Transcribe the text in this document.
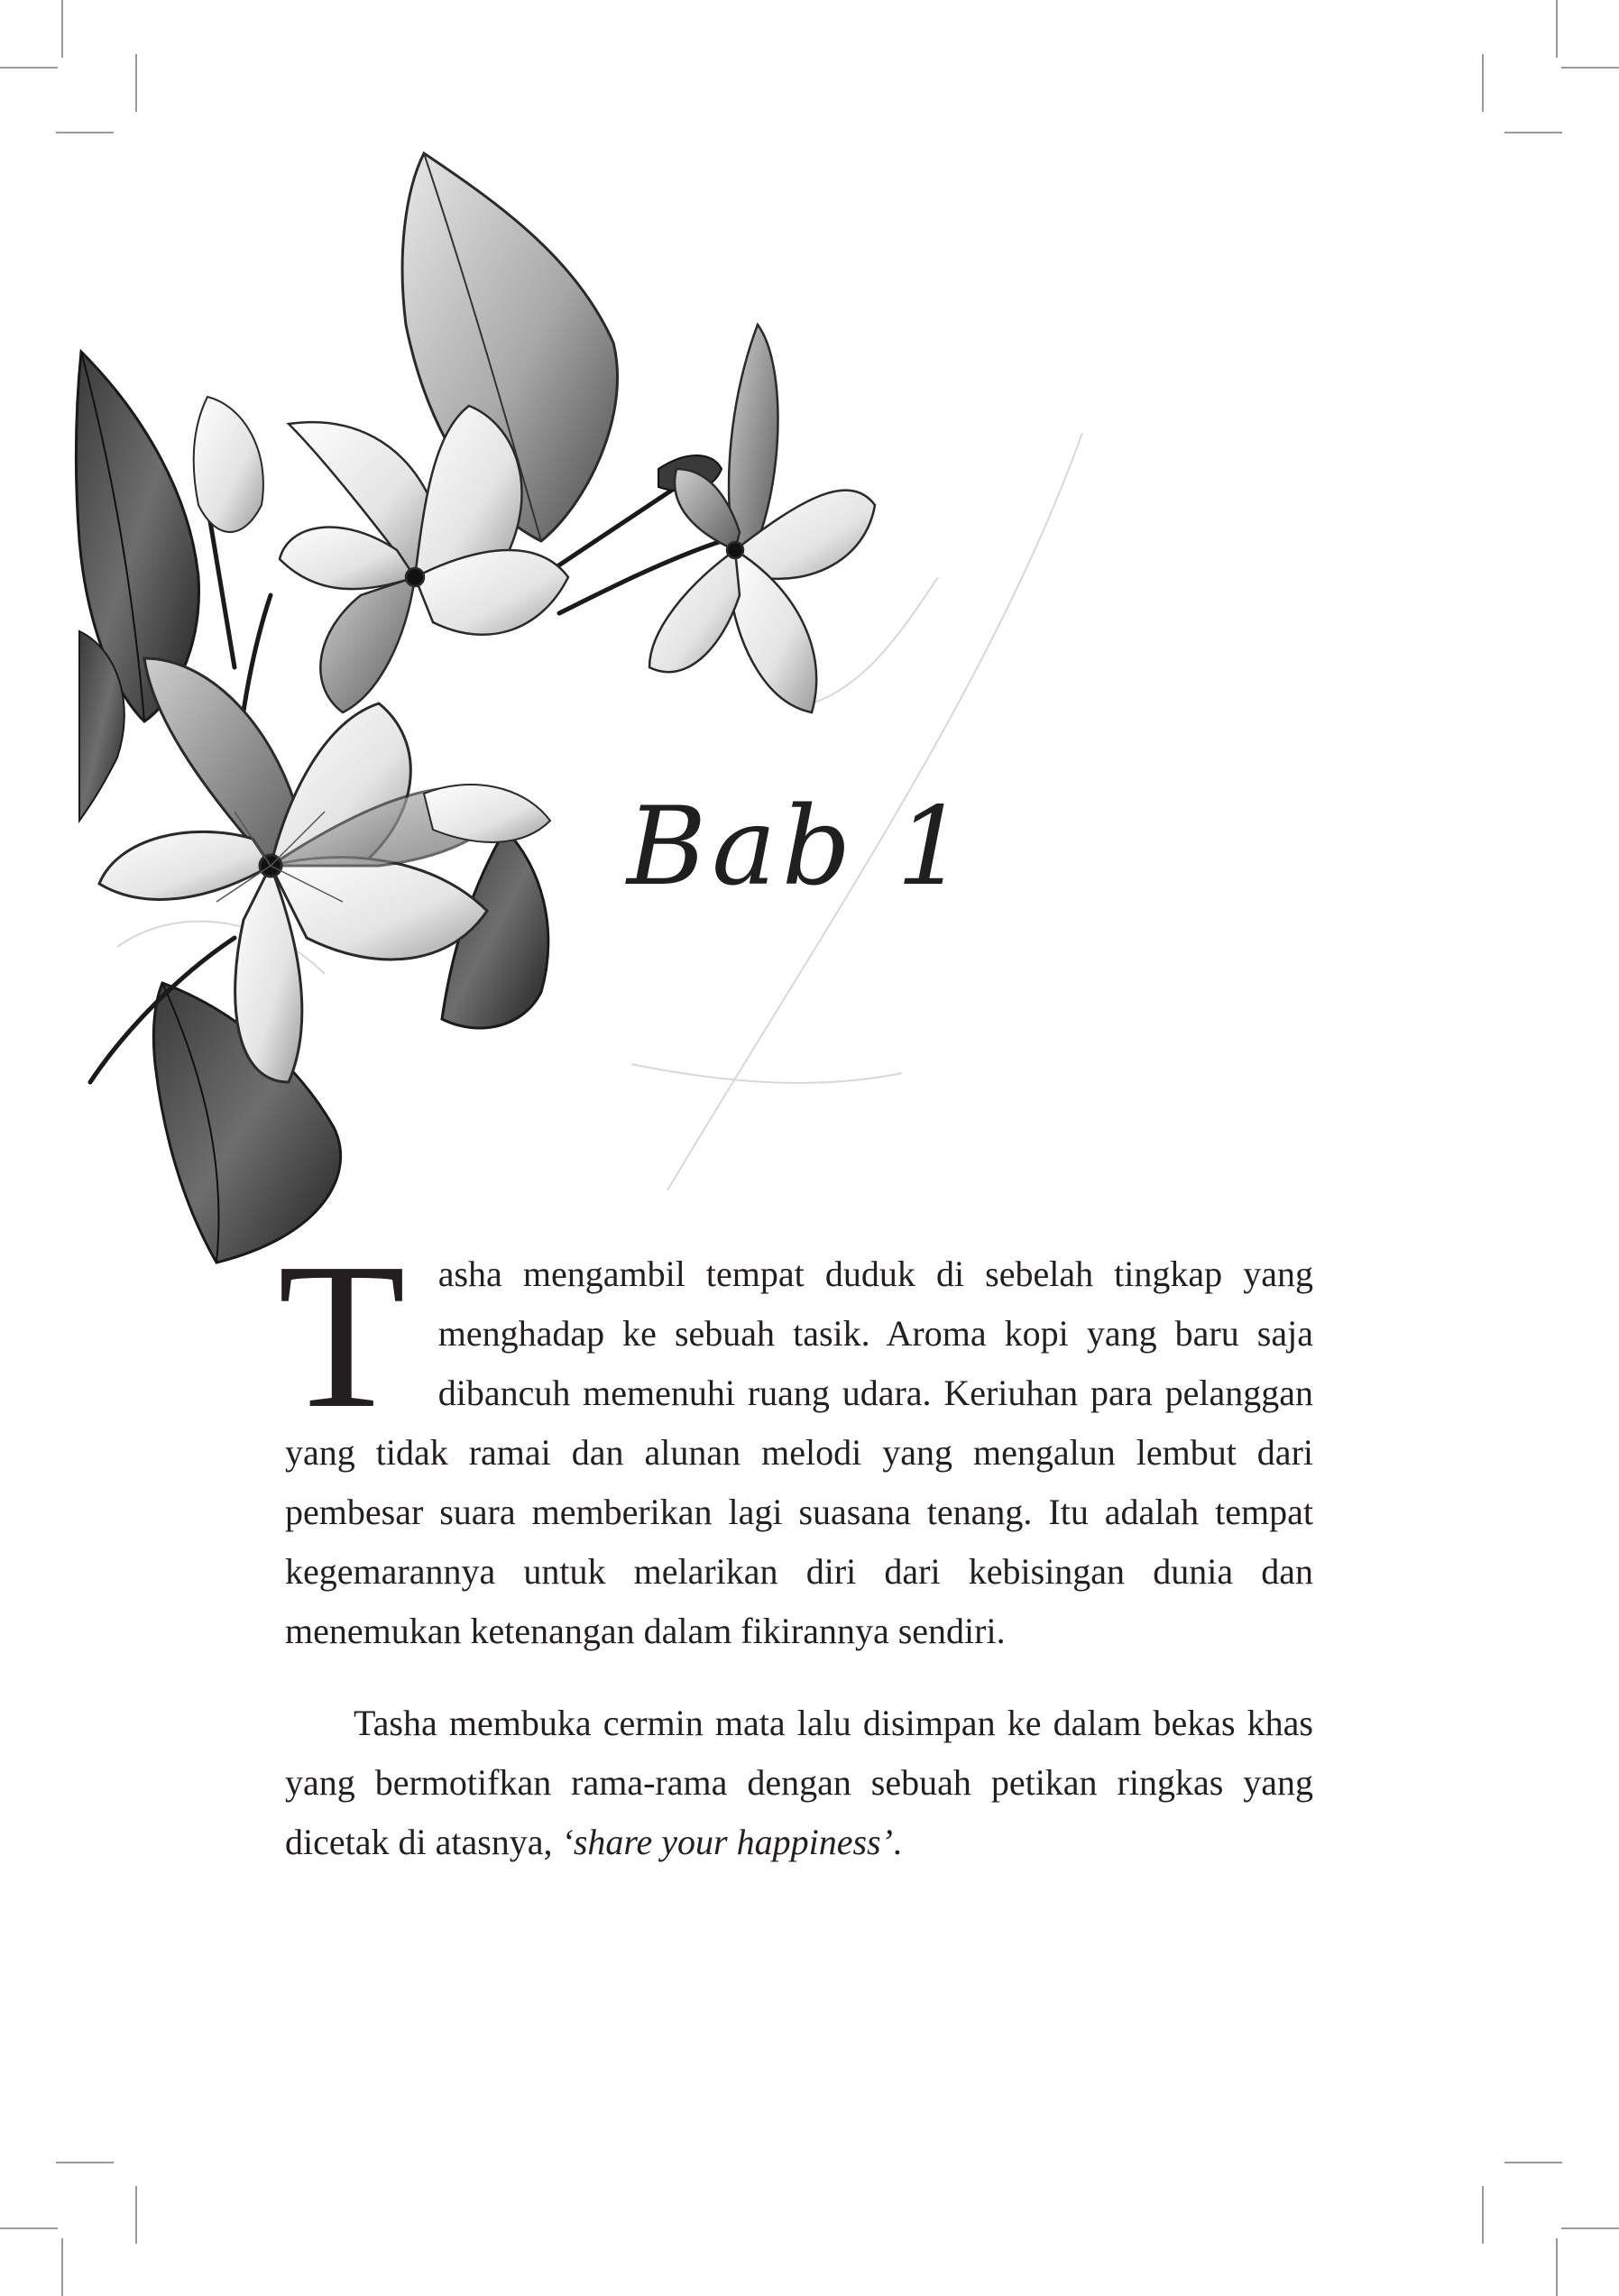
Bab 1

Tasha mengambil tempat duduk di sebelah tingkap yang menghadap ke sebuah tasik. Aroma kopi yang baru saja dibancuh memenuhi ruang udara. Keriuhan para pelanggan yang tidak ramai dan alunan melodi yang mengalun lembut dari pembesar suara memberikan lagi suasana tenang. Itu adalah tempat kegemarannya untuk melarikan diri dari kebisingan dunia dan menemukan ketenangan dalam fikirannya sendiri.

Tasha membuka cermin mata lalu disimpan ke dalam bekas khas yang bermotifkan rama-rama dengan sebuah petikan ringkas yang dicetak di atasnya, ‘share your happiness’.
